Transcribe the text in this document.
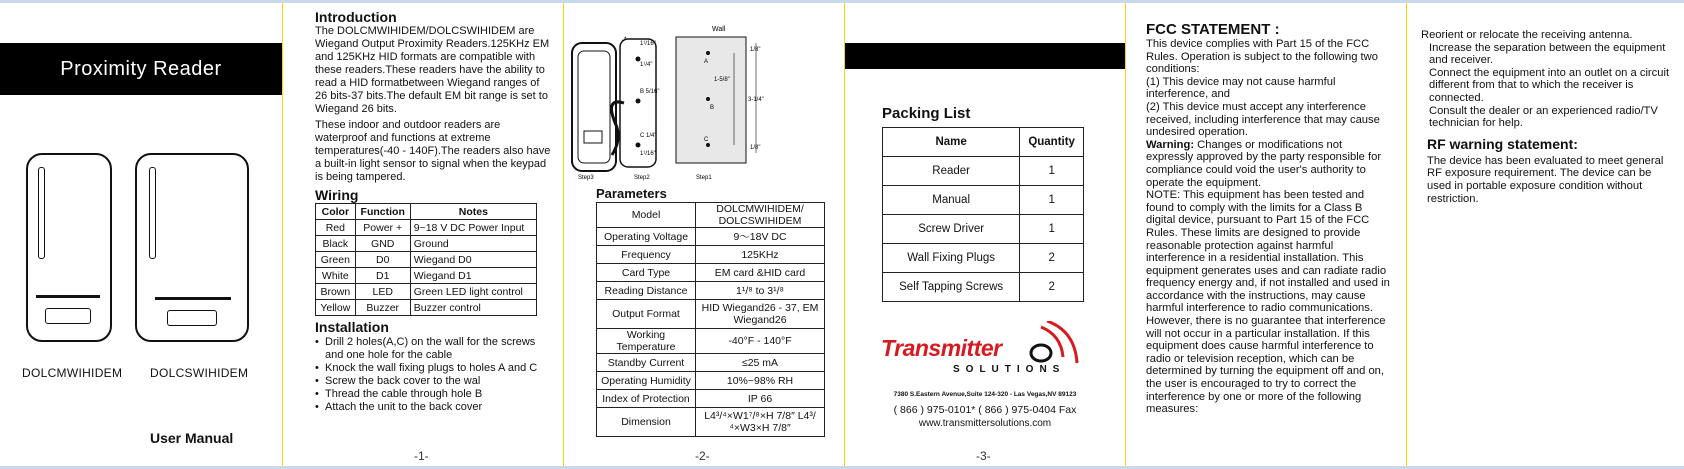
Proximity Reader
DOLCMWIHIDEM DOLCSWIHIDEM
User Manual
Introduction

The DOLCMWIHIDEM/DOLCSWIHIDEM are Wiegand Output Proximity Readers.125KHz EM and 125KHz HID formats are compatible with these readers.These readers have the ability to read a HID formatbetween Wiegand ranges of 26 bits-37 bits.The default EM bit range is set to Wiegand 26 bits.

These indoor and outdoor readers are waterproof and functions at extreme temperatures(-40 - 140F).The readers also have a built-in light sensor to signal when the keypad is being tampered.

Wiring
Color	Function	Notes
Red	Power +	9~18 V DC Power Input
Black	GND	Ground
Green	D0	Wiegand D0
White	D1	Wiegand D1
Brown	LED	Green LED light control
Yellow	Buzzer	Buzzer control
Installation
• Drill 2 holes(A,C) on the wall for the screws and one hole for the cable
• Knock the wall fixing plugs to holes A and C
• Screw the back cover to the wal
• Thread the cable through hole B
• Attach the unit to the back cover
-1-
1¹/16"
1¹/4"
B 5/16"
C 1/4"
1¹/16"
Wall
A
B
C
1/8"
1-5/8"
3-1/4"
1/8"
Step3	Step2	Step1
Parameters
Model	DOLCMWIHIDEM/ DOLCSWIHIDEM
Operating Voltage	9～18V DC
Frequency	125KHz
Card Type	EM card &HID card
Reading Distance	1¹/⁸ to 3¹/⁸
Output Format	HID Wiegand26 - 37, EM Wiegand26
Working Temperature	-40°F - 140°F
Standby Current	≤25 mA
Operating Humidity	10%~98% RH
Index of Protection	IP 66
Dimension	L4³/⁴×W1⁷/⁸×H 7/8″ L4³/⁴×W3×H 7/8″
-2-
Packing List
Name	Quantity
Reader	1
Manual	1
Screw Driver	1
Wall Fixing Plugs	2
Self Tapping Screws	2
Transmitter
SOLUTIONS
7380 S.Eastern Avenue,Suite 124-320 - Las Vegas,NV 89123
( 866 ) 975-0101* ( 866 ) 975-0404 Fax
www.transmittersolutions.com
-3-
FCC STATEMENT :

This device complies with Part 15 of the FCC Rules. Operation is subject to the following two conditions:

(1) This device may not cause harmful interference, and

(2) This device must accept any interference received, including interference that may cause undesired operation.

Warning: Changes or modifications not expressly approved by the party responsible for compliance could void the user's authority to operate the equipment.

NOTE: This equipment has been tested and found to comply with the limits for a Class B digital device, pursuant to Part 15 of the FCC Rules. These limits are designed to provide reasonable protection against harmful interference in a residential installation. This equipment generates uses and can radiate radio frequency energy and, if not installed and used in accordance with the instructions, may cause harmful interference to radio communications. However, there is no guarantee that interference will not occur in a particular installation. If this equipment does cause harmful interference to radio or television reception, which can be determined by turning the equipment off and on, the user is encouraged to try to correct the interference by one or more of the following measures:

Reorient or relocate the receiving antenna.

Increase the separation between the equipment and receiver.

Connect the equipment into an outlet on a circuit different from that to which the receiver is connected.

Consult the dealer or an experienced radio/TV technician for help.

RF warning statement:

The device has been evaluated to meet general RF exposure requirement. The device can be used in portable exposure condition without restriction.
